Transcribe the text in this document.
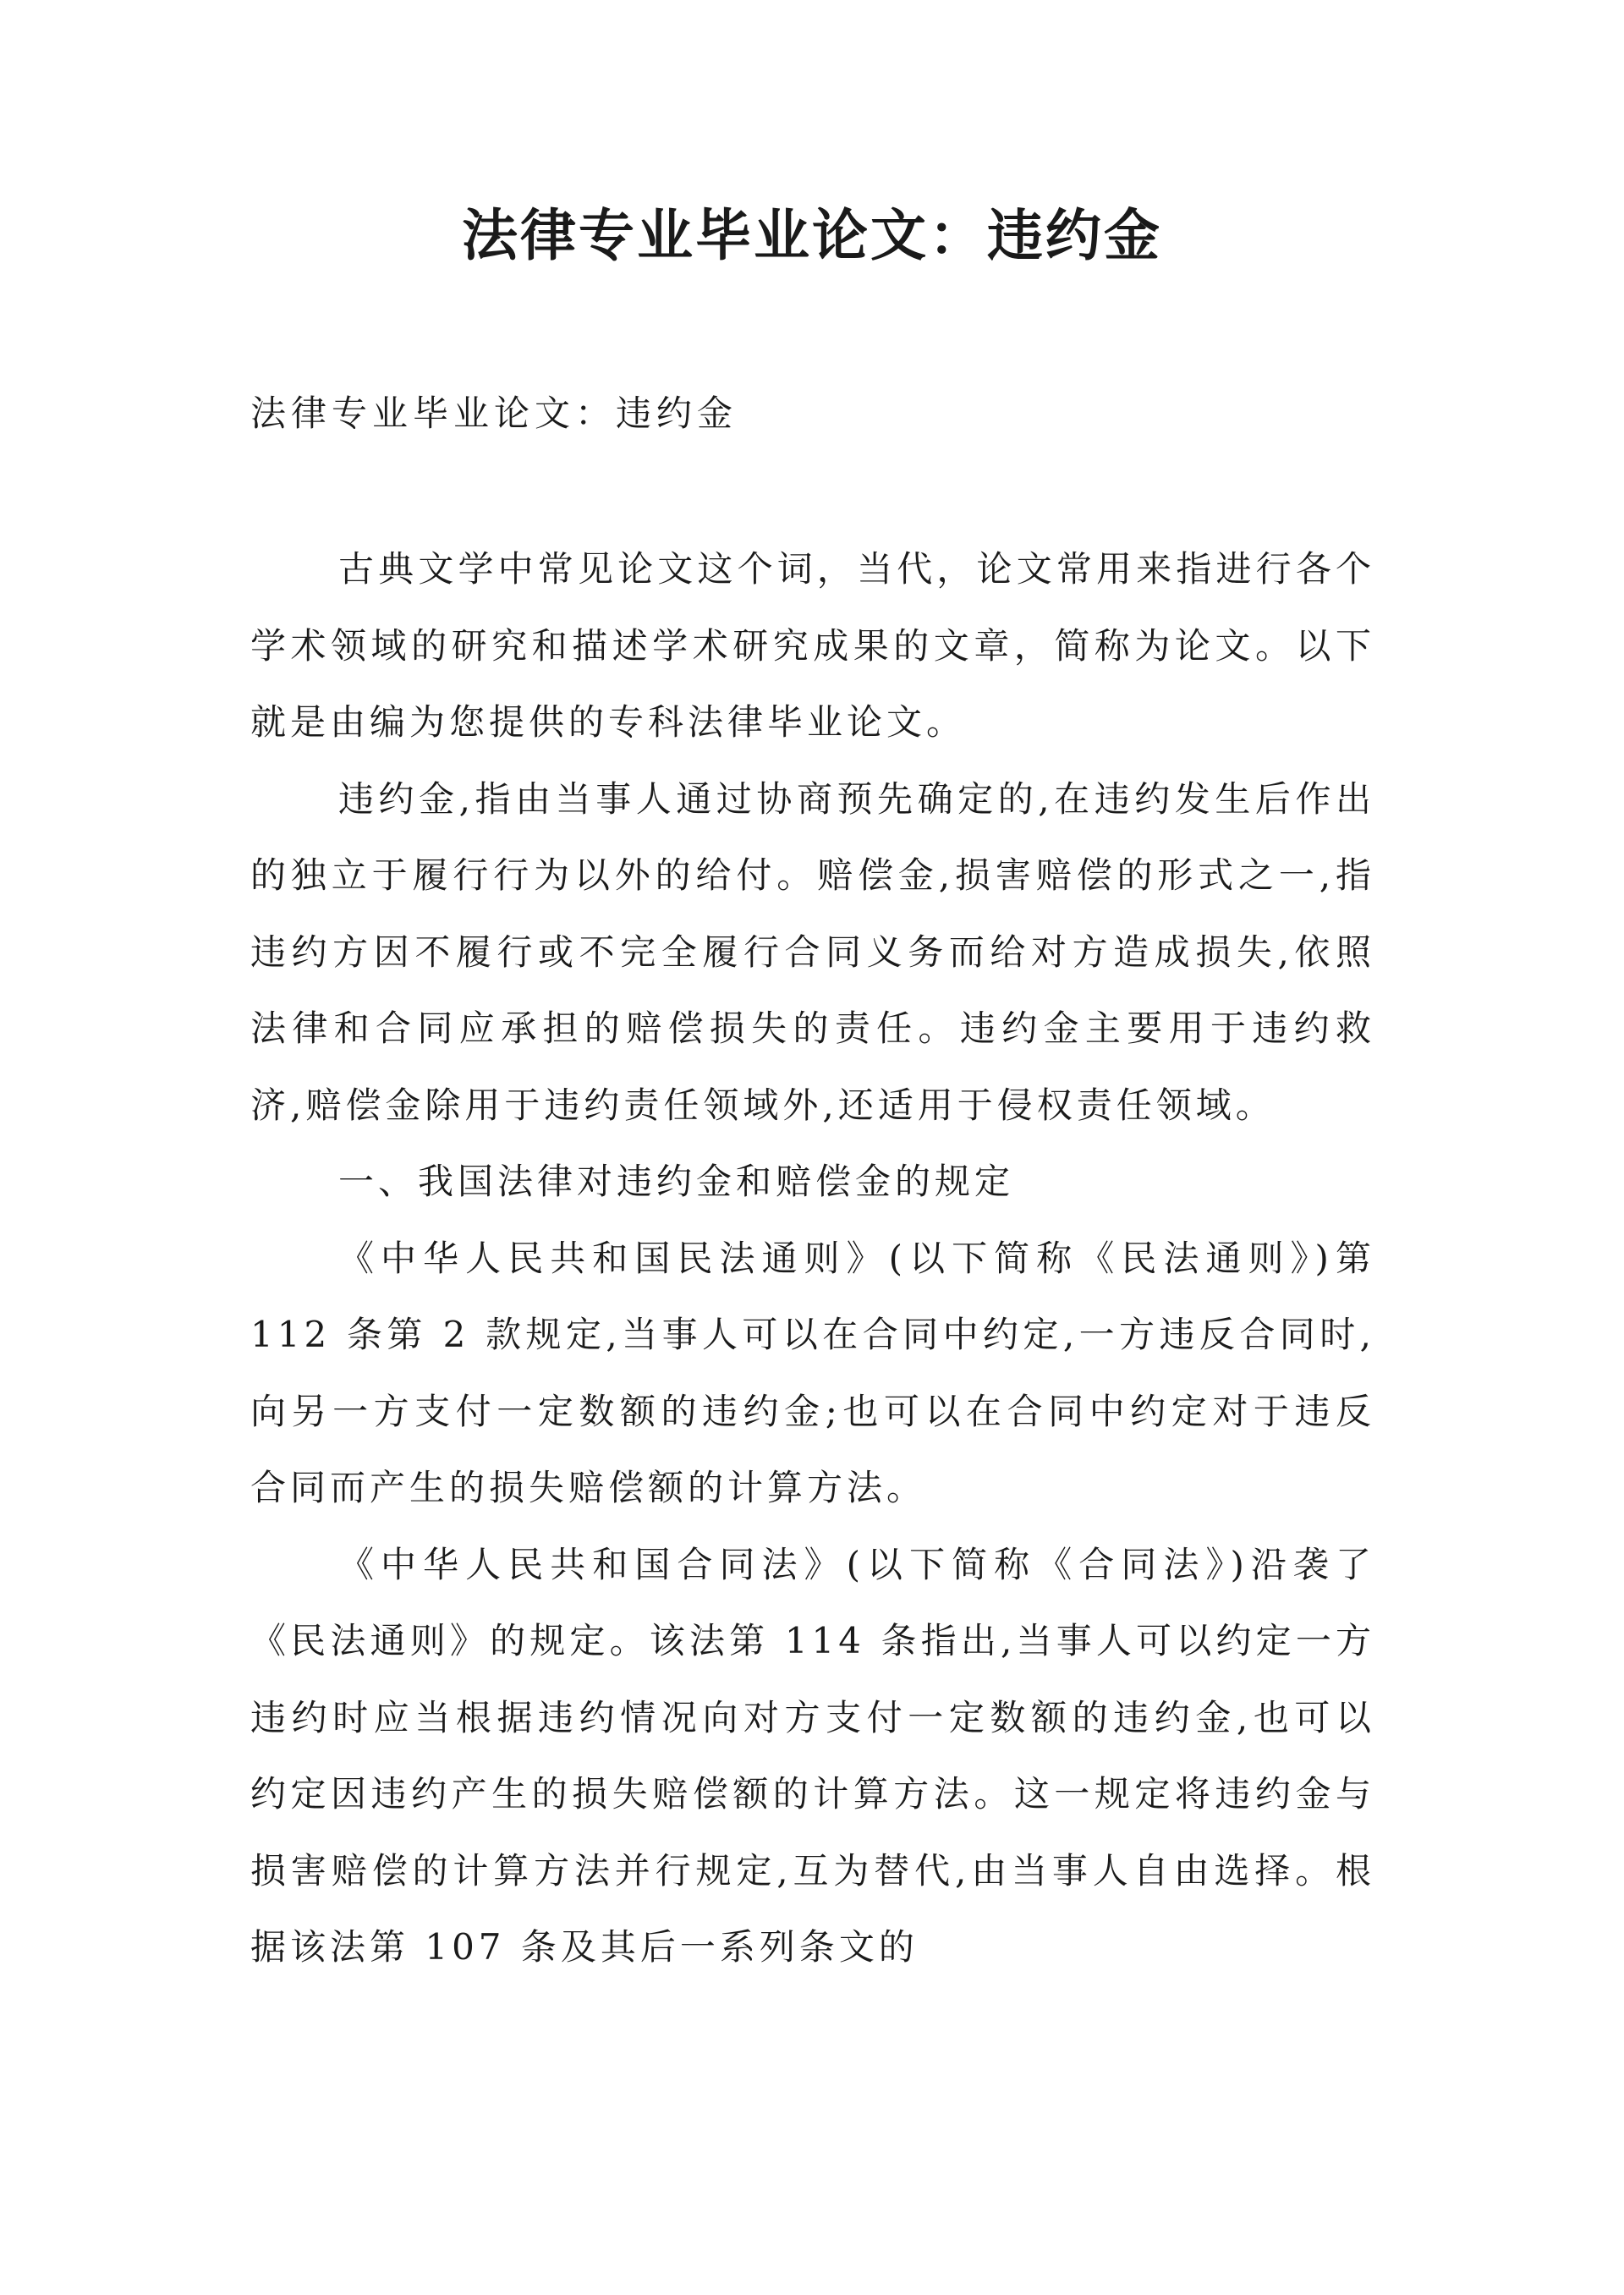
法律专业毕业论文：违约金

法律专业毕业论文：违约金

古典文学中常见论文这个词，当代，论文常用来指进行各个学术领域的研究和描述学术研究成果的文章，简称为论文。以下就是由编为您提供的专科法律毕业论文。

违约金,指由当事人通过协商预先确定的,在违约发生后作出的独立于履行行为以外的给付。赔偿金,损害赔偿的形式之一,指违约方因不履行或不完全履行合同义务而给对方造成损失,依照法律和合同应承担的赔偿损失的责任。违约金主要用于违约救济,赔偿金除用于违约责任领域外,还适用于侵权责任领域。

一、我国法律对违约金和赔偿金的规定

《中华人民共和国民法通则》(以下简称《民法通则》)第 112 条第 2 款规定,当事人可以在合同中约定,一方违反合同时,向另一方支付一定数额的违约金;也可以在合同中约定对于违反合同而产生的损失赔偿额的计算方法。

《中华人民共和国合同法》(以下简称《合同法》)沿袭了《民法通则》的规定。该法第 114 条指出,当事人可以约定一方违约时应当根据违约情况向对方支付一定数额的违约金,也可以约定因违约产生的损失赔偿额的计算方法。这一规定将违约金与损害赔偿的计算方法并行规定,互为替代,由当事人自由选择。根据该法第 107 条及其后一系列条文的
